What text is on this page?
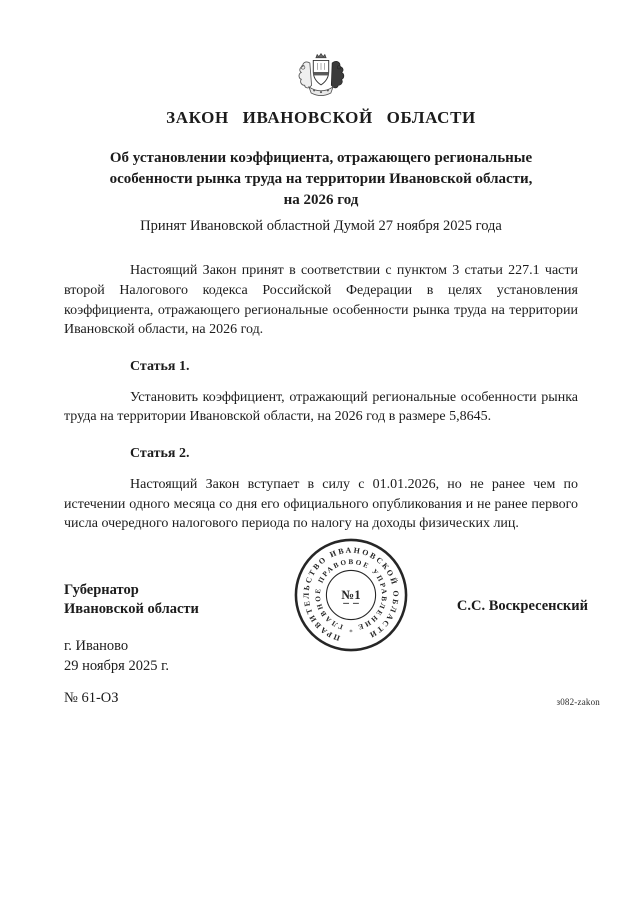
ЗАКОН ИВАНОВСКОЙ ОБЛАСТИ
Об установлении коэффициента, отражающего региональные
особенности рынка труда на территории Ивановской области,
на 2026 год
Принят Ивановской областной Думой 27 ноября 2025 года

Настоящий Закон принят в соответствии с пунктом 3 статьи 227.1 части второй Налогового кодекса Российской Федерации в целях установления коэффициента, отражающего региональные особенности рынка труда на территории Ивановской области, на 2026 год.

Статья 1.

Установить коэффициент, отражающий региональные особенности рынка труда на территории Ивановской области, на 2026 год в размере 5,8645.

Статья 2.

Настоящий Закон вступает в силу с 01.01.2026, но не ранее чем по истечении одного месяца со дня его официального опубликования и не ранее первого числа очередного налогового периода по налогу на доходы физических лиц.

ПРАВИТЕЛЬСТВО ИВАНОВСКОЙ ОБЛАСТИ
ГЛАВНОЕ ПРАВОВОЕ УПРАВЛЕНИЕ
№1
*
Губернатор
Ивановской области	С.С. Воскресенский
г. Иваново
29 ноября 2025 г.
№ 61-ОЗ	з082-zakon
